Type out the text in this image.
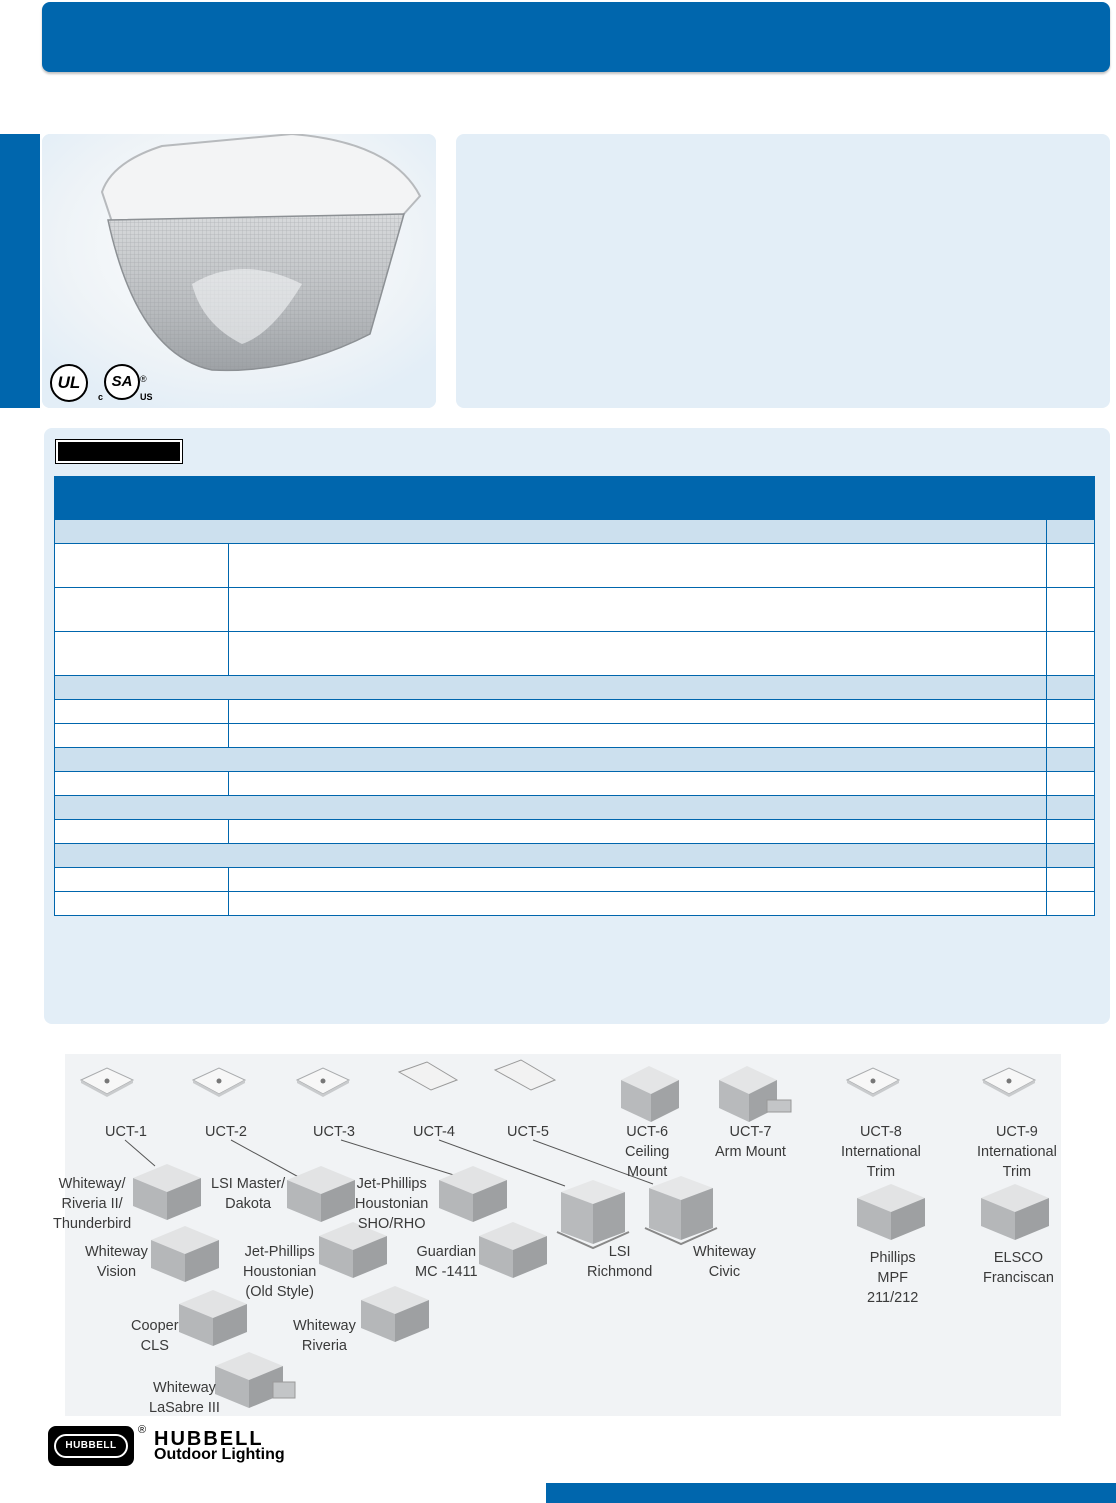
UL	SA
c	US
®

UCT-1	UCT-2	UCT-3	UCT-4	UCT-5	UCT-6
Ceiling
Mount
UCT-7
Arm Mount
UCT-8
International
Trim
UCT-9
International
Trim
Whiteway/
Riveria II/
Thunderbird
LSI Master/
Dakota
Jet-Phillips
Houstonian
SHO/RHO
Whiteway
Vision
Jet-Phillips
Houstonian
(Old Style)
Guardian
MC -1411
LSI
Richmond
Whiteway
Civic
Cooper
CLS
Whiteway
Riveria
Whiteway
LaSabre III
Phillips
MPF
211/212
ELSCO
Franciscan
HUBBELL
® HUBBELL
Outdoor Lighting
